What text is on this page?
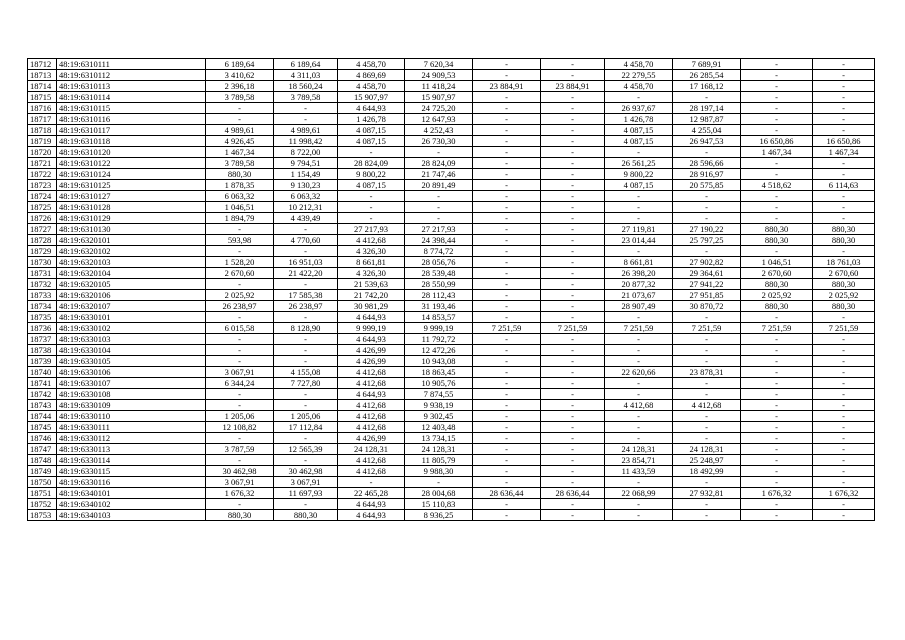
18712	48:19:6310111	6 189,64	6 189,64	4 458,70	7 620,34	-	-	4 458,70	7 689,91	-	-
18713	48:19:6310112	3 410,62	4 311,03	4 869,69	24 909,53	-	-	22 279,55	26 285,54	-	-
18714	48:19:6310113	2 396,18	18 560,24	4 458,70	11 418,24	23 884,91	23 884,91	4 458,70	17 168,12	-	-
18715	48:19:6310114	3 789,58	3 789,58	15 907,97	15 907,97	-	-	-	-	-	-
18716	48:19:6310115	-	-	4 644,93	24 725,20	-	-	26 937,67	28 197,14	-	-
18717	48:19:6310116	-	-	1 426,78	12 647,93	-	-	1 426,78	12 987,87	-	-
18718	48:19:6310117	4 989,61	4 989,61	4 087,15	4 252,43	-	-	4 087,15	4 255,04	-	-
18719	48:19:6310118	4 926,45	11 998,42	4 087,15	26 730,30	-	-	4 087,15	26 947,53	16 650,86	16 650,86
18720	48:19:6310120	1 467,34	8 722,00	-	-	-	-	-	-	1 467,34	1 467,34
18721	48:19:6310122	3 789,58	9 794,51	28 824,09	28 824,09	-	-	26 561,25	28 596,66	-	-
18722	48:19:6310124	880,30	1 154,49	9 800,22	21 747,46	-	-	9 800,22	28 916,97	-	-
18723	48:19:6310125	1 878,35	9 130,23	4 087,15	20 891,49	-	-	4 087,15	20 575,85	4 518,62	6 114,63
18724	48:19:6310127	6 063,32	6 063,32	-	-	-	-	-	-	-	-
18725	48:19:6310128	1 046,51	10 212,31	-	-	-	-	-	-	-	-
18726	48:19:6310129	1 894,79	4 439,49	-	-	-	-	-	-	-	-
18727	48:19:6310130	-	-	27 217,93	27 217,93	-	-	27 119,81	27 190,22	880,30	880,30
18728	48:19:6320101	593,98	4 770,60	4 412,68	24 398,44	-	-	23 014,44	25 797,25	880,30	880,30
18729	48:19:6320102	-	-	4 326,30	8 774,72	-	-	-	-	-	-
18730	48:19:6320103	1 528,20	16 951,03	8 661,81	28 056,76	-	-	8 661,81	27 902,82	1 046,51	18 761,03
18731	48:19:6320104	2 670,60	21 422,20	4 326,30	28 539,48	-	-	26 398,20	29 364,61	2 670,60	2 670,60
18732	48:19:6320105	-	-	21 539,63	28 550,99	-	-	20 877,32	27 941,22	880,30	880,30
18733	48:19:6320106	2 025,92	17 585,38	21 742,20	28 112,43	-	-	21 073,67	27 951,85	2 025,92	2 025,92
18734	48:19:6320107	26 238,97	26 238,97	30 981,29	31 193,46	-	-	28 907,49	30 870,72	880,30	880,30
18735	48:19:6330101	-	-	4 644,93	14 853,57	-	-	-	-	-	-
18736	48:19:6330102	6 015,58	8 128,90	9 999,19	9 999,19	7 251,59	7 251,59	7 251,59	7 251,59	7 251,59	7 251,59
18737	48:19:6330103	-	-	4 644,93	11 792,72	-	-	-	-	-	-
18738	48:19:6330104	-	-	4 426,99	12 472,26	-	-	-	-	-	-
18739	48:19:6330105	-	-	4 426,99	10 943,08	-	-	-	-	-	-
18740	48:19:6330106	3 067,91	4 155,08	4 412,68	18 863,45	-	-	22 620,66	23 878,31	-	-
18741	48:19:6330107	6 344,24	7 727,80	4 412,68	10 905,76	-	-	-	-	-	-
18742	48:19:6330108	-	-	4 644,93	7 874,55	-	-	-	-	-	-
18743	48:19:6330109	-	-	4 412,68	9 938,19	-	-	4 412,68	4 412,68	-	-
18744	48:19:6330110	1 205,06	1 205,06	4 412,68	9 302,45	-	-	-	-	-	-
18745	48:19:6330111	12 108,82	17 112,84	4 412,68	12 403,48	-	-	-	-	-	-
18746	48:19:6330112	-	-	4 426,99	13 734,15	-	-	-	-	-	-
18747	48:19:6330113	3 787,59	12 565,39	24 128,31	24 128,31	-	-	24 128,31	24 128,31	-	-
18748	48:19:6330114	-	-	4 412,68	11 805,79	-	-	23 854,71	25 248,97	-	-
18749	48:19:6330115	30 462,98	30 462,98	4 412,68	9 988,30	-	-	11 433,59	18 492,99	-	-
18750	48:19:6330116	3 067,91	3 067,91	-	-	-	-	-	-	-	-
18751	48:19:6340101	1 676,32	11 697,93	22 465,28	28 004,68	28 636,44	28 636,44	22 068,99	27 932,81	1 676,32	1 676,32
18752	48:19:6340102	-	-	4 644,93	15 110,83	-	-	-	-	-	-
18753	48:19:6340103	880,30	880,30	4 644,93	8 936,25	-	-	-	-	-	-
